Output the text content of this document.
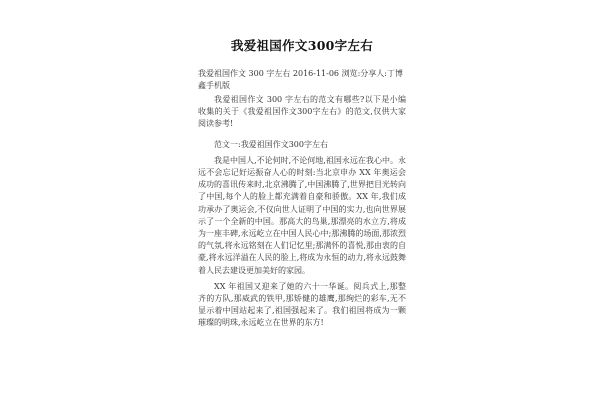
我爱祖国作文300字左右

我爱祖国作文 300 字左右 2016-11-06 浏览:分享人:丁博鑫手机版

我爱祖国作文 300 字左右的范文有哪些?以下是小编收集的关于《我爱祖国作文300字左右》的范文,仅供大家阅读参考!

范文一:我爱祖国作文300字左右

我是中国人,不论何时,不论何地,祖国永远在我心中。永远不会忘记好运振奋人心的时刻:当北京申办 XX 年奥运会成功的喜讯传来时,北京沸腾了,中国沸腾了,世界把目光转向了中国,每个人的脸上都充满着自豪和骄傲。XX 年,我们成功承办了奥运会,不仅向世人证明了中国的实力,也向世界展示了一个全新的中国。那高大的鸟巢,那漂亮的水立方,将成为一座丰碑,永远屹立在中国人民心中;那沸腾的场面,那浓烈的气氛,将永远铭刻在人们记忆里;那满怀的喜悦,那由衷的自豪,将永远洋溢在人民的脸上,将成为永恒的动力,将永远鼓舞着人民去建设更加美好的家园。

XX 年祖国又迎来了她的六十一华诞。阅兵式上,那整齐的方队,那威武的铁甲,那矫健的雄鹰,那绚烂的彩车,无不显示着中国站起来了,祖国强起来了。我们祖国将成为一颗璀璨的明珠,永远屹立在世界的东方!
